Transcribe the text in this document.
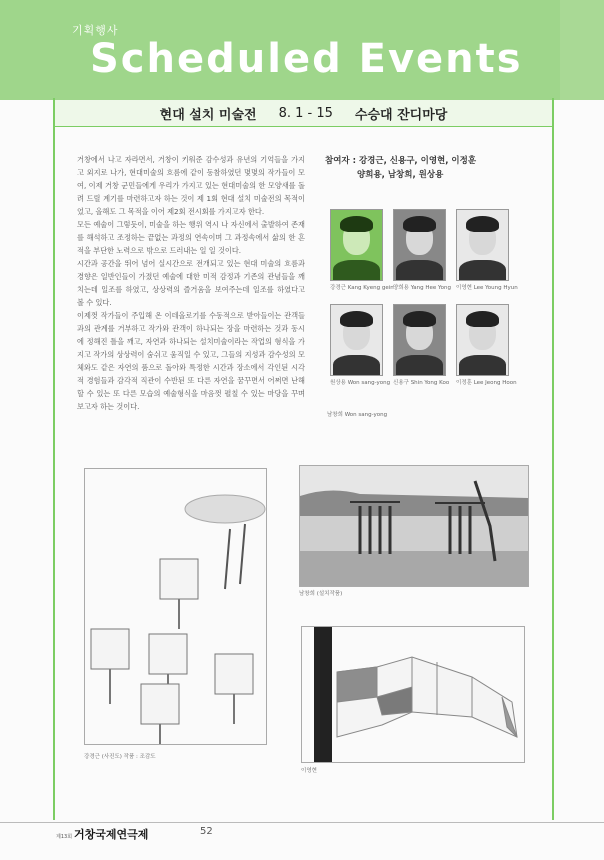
기획행사
Scheduled Events
현대 설치 미술전 8. 1 - 15 수승대 잔디마당

거창에서 나고 자라면서, 거창이 키워준 감수성과 유년의 기억들을 가지고 외지로 나가, 현대미술의 흐름에 같이 동참하였던 몇몇의 작가들이 모여, 이제 거창 군민들에게 우리가 가지고 있는 현대미술의 한 모양새를 돌려 드릴 계기를 마련하고자 하는 것이 제 1회 현대 설치 미술전의 목적이었고, 올해도 그 목적을 이어 제2회 전시회를 가지고자 한다.

모든 예술이 그렇듯이, 미술을 하는 행위 역시 나 자신에서 출발하여 존재를 해석하고 조정하는 끝없는 과정의 연속이며 그 과정속에서 삶의 한 흔적을 부단한 노력으로 밖으로 드러내는 일 일 것이다.

시간과 공간을 뛰어 넘어 실시간으로 전개되고 있는 현대 미술의 흐름과 경향은 일반인들이 가졌던 예술에 대한 미적 감정과 기존의 관념들을 깨치는데 일조를 하였고, 상상력의 즐거움을 보여주는데 일조를 하였다고 볼 수 있다.

이제껏 작가들이 주입해 온 이데올로기를 수동적으로 받아들이는 관객들과의 관계를 거부하고 작가와 관객이 하나되는 장을 마련하는 것과 동시에 정해진 틀을 깨고, 자연과 하나되는 설치미술이라는 작업의 형식을 가지고 작가의 상상력이 숨쉬고 움직일 수 있고, 그들의 지성과 감수성의 모체와도 같은 자연의 품으로 돌아와 특정한 시간과 장소에서 각인된 시각적 경험들과 감각적 직관이 수반된 또 다른 자연을 꿈꾸면서 어쩌면 난해 할 수 있는 또 다른 모습의 예술형식을 마음껏 펼칠 수 있는 마당을 꾸며 보고자 하는 것이다.

참여자 : 강경근, 신용구, 이영현, 이정훈
양희용, 남창희, 원상용
강경근 Kang Kyeng gein 양희용 Yang Hee Yong 이영현 Lee Young Hyun
원상용 Won sang-yong 신용구 Shin Yong Koo 이정훈 Lee Jeong Hoon
남창희 Won sang-yong
강경근 (사진도) 작품 : 조감도
남창희 (설치작품)
이영현
제13회 거창국제연극제	52
